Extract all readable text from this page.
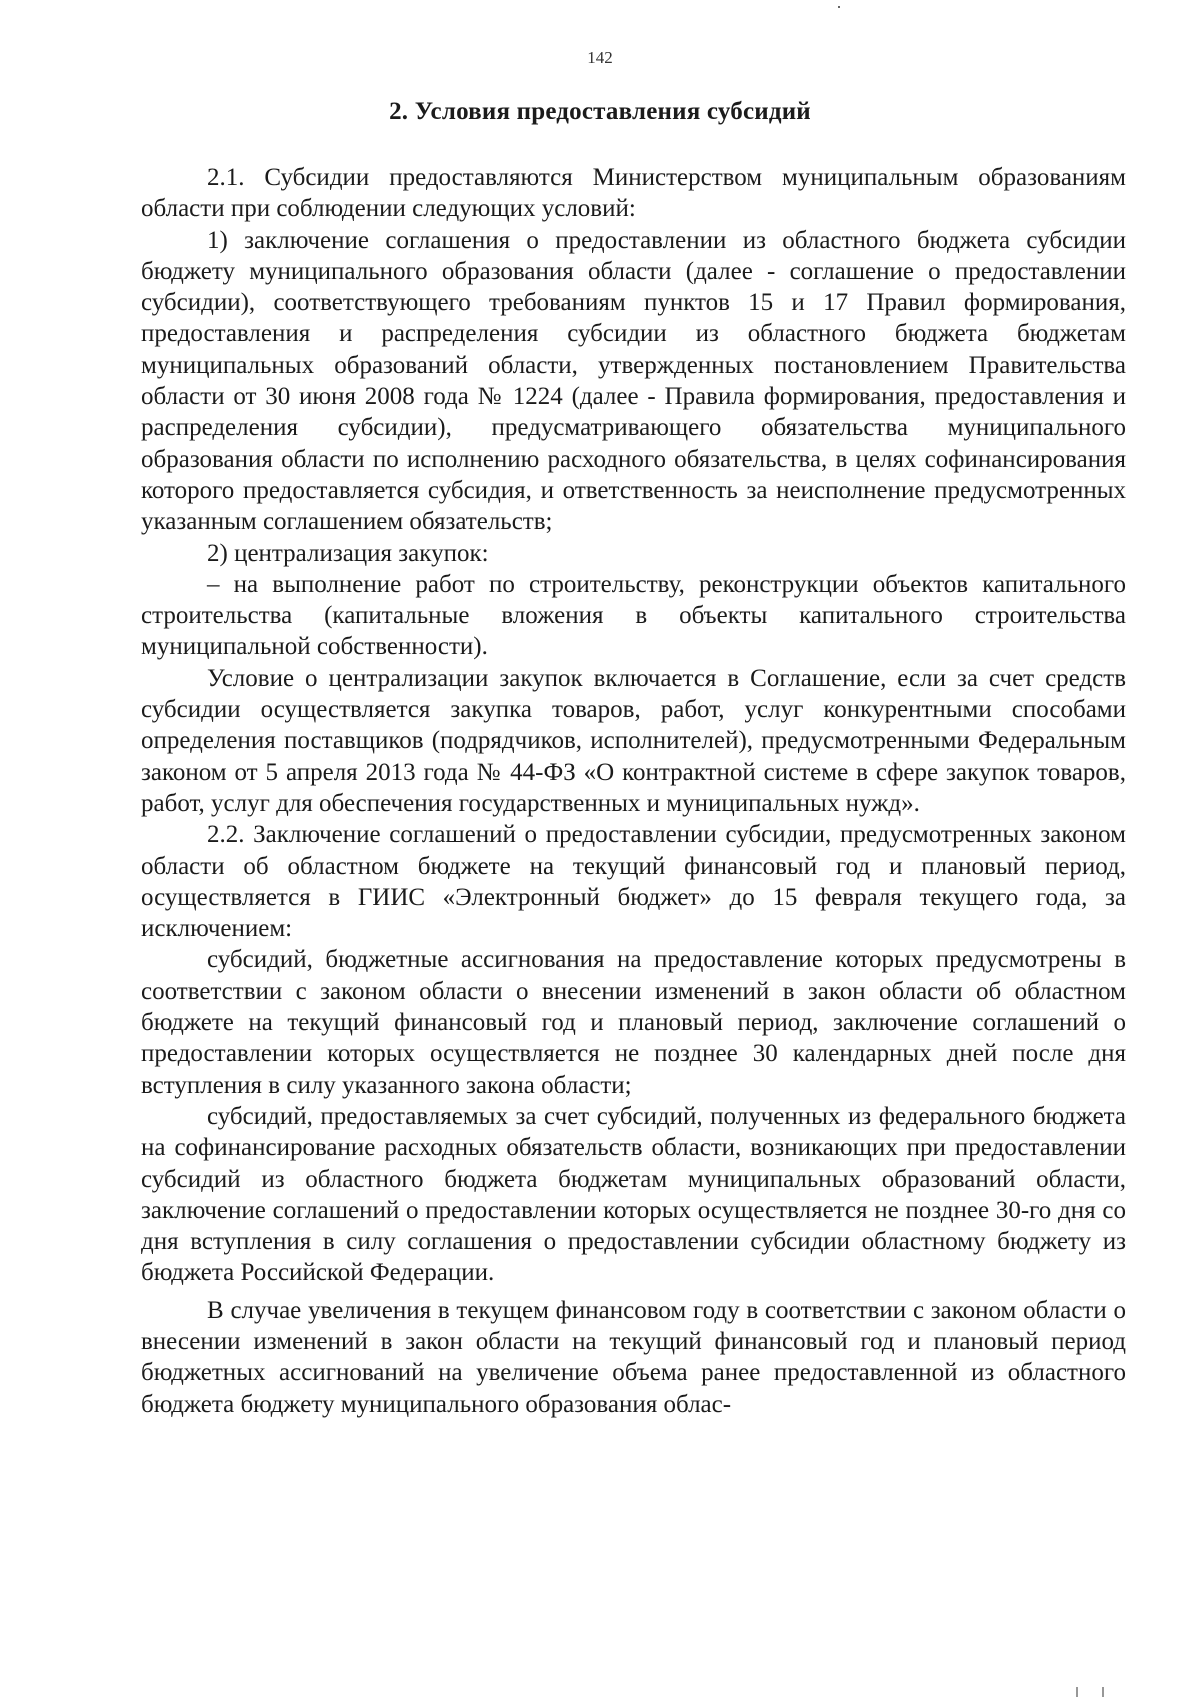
142
2. Условия предоставления субсидий

2.1. Субсидии предоставляются Министерством муниципальным образованиям области при соблюдении следующих условий:

1) заключение соглашения о предоставлении из областного бюджета субсидии бюджету муниципального образования области (далее - соглашение о предоставлении субсидии), соответствующего требованиям пунктов 15 и 17 Правил формирования, предоставления и распределения субсидии из областного бюджета бюджетам муниципальных образований области, утвержденных постановлением Правительства области от 30 июня 2008 года № 1224 (далее - Правила формирования, предоставления и распределения субсидии), предусматривающего обязательства муниципального образования области по исполнению расходного обязательства, в целях софинансирования которого предоставляется субсидия, и ответственность за неисполнение предусмотренных указанным соглашением обязательств;

2) централизация закупок:

– на выполнение работ по строительству, реконструкции объектов капитального строительства (капитальные вложения в объекты капитального строительства муниципальной собственности).

Условие о централизации закупок включается в Соглашение, если за счет средств субсидии осуществляется закупка товаров, работ, услуг конкурентными способами определения поставщиков (подрядчиков, исполнителей), предусмотренными Федеральным законом от 5 апреля 2013 года № 44-ФЗ «О контрактной системе в сфере закупок товаров, работ, услуг для обеспечения государственных и муниципальных нужд».

2.2. Заключение соглашений о предоставлении субсидии, предусмотренных законом области об областном бюджете на текущий финансовый год и плановый период, осуществляется в ГИИС «Электронный бюджет» до 15 февраля текущего года, за исключением:

субсидий, бюджетные ассигнования на предоставление которых предусмотрены в соответствии с законом области о внесении изменений в закон области об областном бюджете на текущий финансовый год и плановый период, заключение соглашений о предоставлении которых осуществляется не позднее 30 календарных дней после дня вступления в силу указанного закона области;

субсидий, предоставляемых за счет субсидий, полученных из федерального бюджета на софинансирование расходных обязательств области, возникающих при предоставлении субсидий из областного бюджета бюджетам муниципальных образований области, заключение соглашений о предоставлении которых осуществляется не позднее 30-го дня со дня вступления в силу соглашения о предоставлении субсидии областному бюджету из бюджета Российской Федерации.

В случае увеличения в текущем финансовом году в соответствии с законом области о внесении изменений в закон области на текущий финансовый год и плановый период бюджетных ассигнований на увеличение объема ранее предоставленной из областного бюджета бюджету муниципального образования облас-
